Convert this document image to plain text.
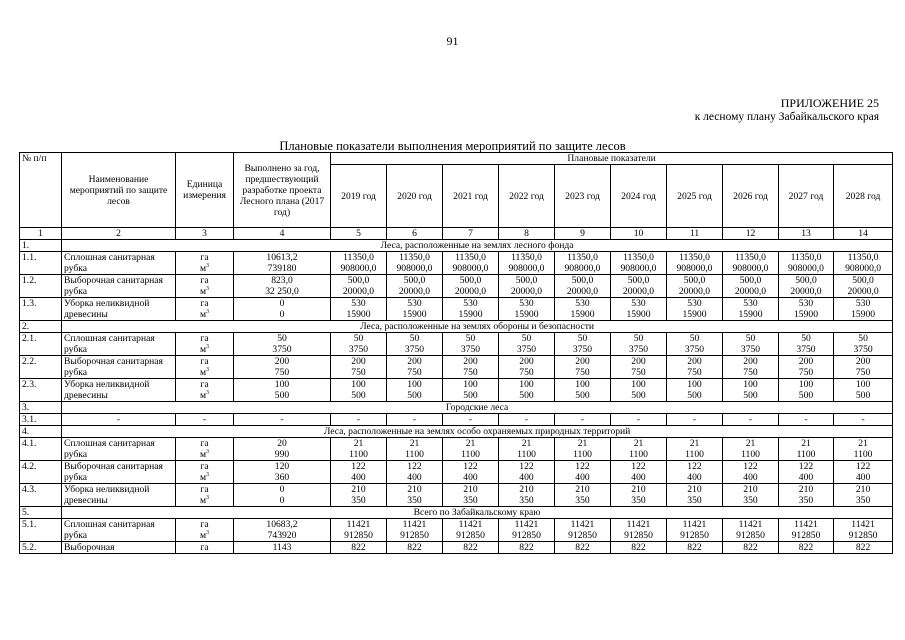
91
ПРИЛОЖЕНИЕ 25
к лесному плану Забайкальского края
Плановые показатели выполнения мероприятий по защите лесов
№ п/п	Наименование мероприятий по защите лесов	Единица измерения	Выполнено за год, предшествующий разработке проекта Лесного плана (2017 год)	Плановые показатели									
				2019 год	2020 год	2021 год	2022 год	2023 год	2024 год	2025 год	2026 год	2027 год	2028 год
1	2	3	4	5	6	7	8	9	10	11	12	13	14
1.	Леса, расположенные на землях лесного фонда												
1.1.	Сплошная санитарная рубка	га	10613,2	11350,0	11350,0	11350,0	11350,0	11350,0	11350,0	11350,0	11350,0	11350,0	11350,0
		$м^3$	739180	908000,0	908000,0	908000,0	908000,0	908000,0	908000,0	908000,0	908000,0	908000,0	908000,0
1.2.	Выборочная санитарная рубка	га	823,0	500,0	500,0	500,0	500,0	500,0	500,0	500,0	500,0	500,0	500,0
		$м^3$	32 250,0	20000,0	20000,0	20000,0	20000,0	20000,0	20000,0	20000,0	20000,0	20000,0	20000,0
1.3.	Уборка неликвидной древесины	га	0	530	530	530	530	530	530	530	530	530	530
		$м^3$	0	15900	15900	15900	15900	15900	15900	15900	15900	15900	15900
2.	Леса, расположенные на землях обороны и безопасности												
2.1.	Сплошная санитарная рубка	га	50	50	50	50	50	50	50	50	50	50	50
		$м^3$	3750	3750	3750	3750	3750	3750	3750	3750	3750	3750	3750
2.2.	Выборочная санитарная рубка	га	200	200	200	200	200	200	200	200	200	200	200
		$м^3$	750	750	750	750	750	750	750	750	750	750	750
2.3.	Уборка неликвидной древесины	га	100	100	100	100	100	100	100	100	100	100	100
		$м^3$	500	500	500	500	500	500	500	500	500	500	500
3.	Городские леса												
3.1.	-	-	-	-	-	-	-	-	-	-	-	-	-
4.	Леса, расположенные на землях особо охраняемых природных территорий												
4.1.	Сплошная санитарная рубка	га	20	21	21	21	21	21	21	21	21	21	21
		$м^3$	990	1100	1100	1100	1100	1100	1100	1100	1100	1100	1100
4.2.	Выборочная санитарная рубка	га	120	122	122	122	122	122	122	122	122	122	122
		$м^3$	360	400	400	400	400	400	400	400	400	400	400
4.3.	Уборка неликвидной древесины	га	0	210	210	210	210	210	210	210	210	210	210
		$м^3$	0	350	350	350	350	350	350	350	350	350	350
5.	Всего по Забайкальскому краю												
5.1.	Сплошная санитарная рубка	га	10683,2	11421	11421	11421	11421	11421	11421	11421	11421	11421	11421
		$м^3$	743920	912850	912850	912850	912850	912850	912850	912850	912850	912850	912850
5.2.	Выборочная	га	1143	822	822	822	822	822	822	822	822	822	822
